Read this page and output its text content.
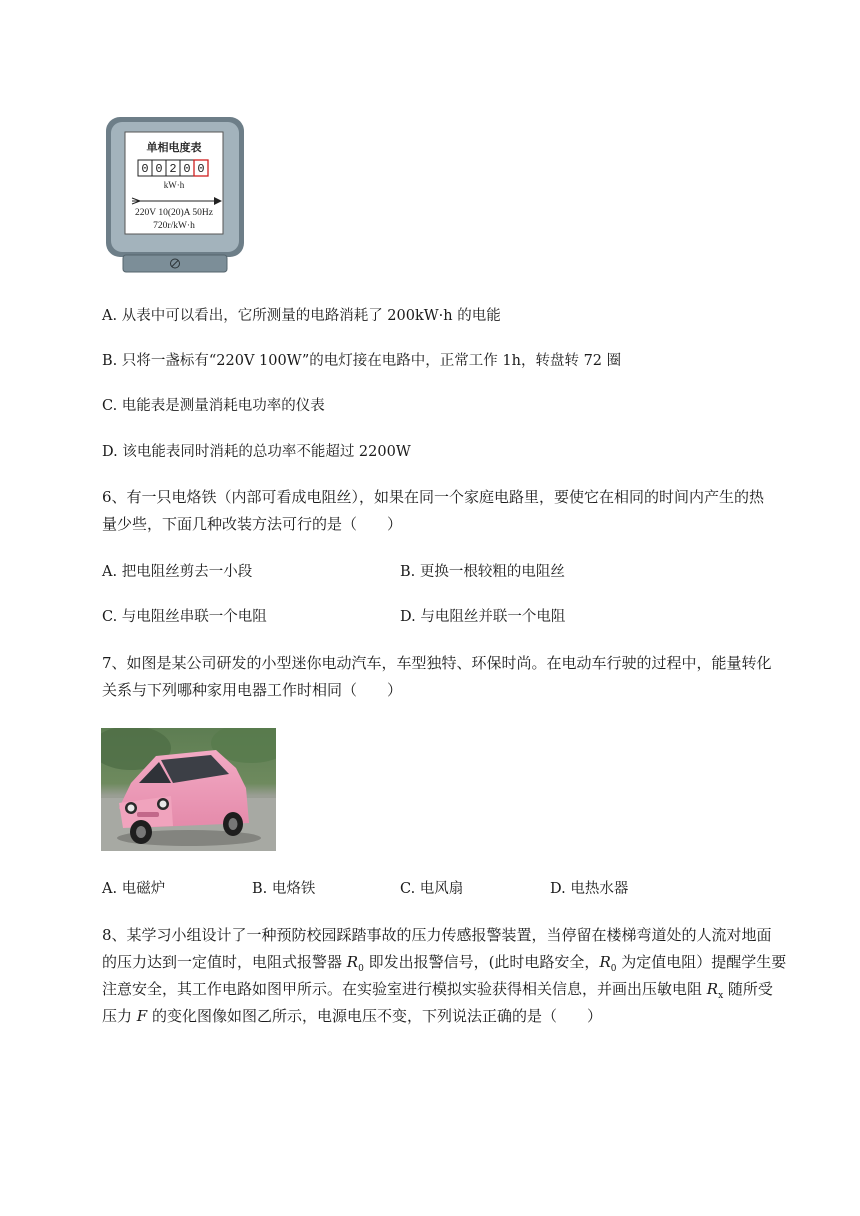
单相电度表
0 0 2 0 0
kW·h
220V 10(20)A 50Hz
720r/kW·h
A. 从表中可以看出，它所测量的电路消耗了 200kW·h 的电能
B. 只将一盏标有“220V 100W”的电灯接在电路中，正常工作 1h，转盘转 72 圈
C. 电能表是测量消耗电功率的仪表
D. 该电能表同时消耗的总功率不能超过 2200W
6、有一只电烙铁（内部可看成电阻丝），如果在同一个家庭电路里，要使它在相同的时间内产生的热
量少些，下面几种改装方法可行的是（　　）
A. 把电阻丝剪去一小段	B. 更换一根较粗的电阻丝
C. 与电阻丝串联一个电阻	D. 与电阻丝并联一个电阻
7、如图是某公司研发的小型迷你电动汽车，车型独特、环保时尚。在电动车行驶的过程中，能量转化
关系与下列哪种家用电器工作时相同（　　）
A. 电磁炉	B. 电烙铁	C. 电风扇	D. 电热水器
8、某学习小组设计了一种预防校园踩踏事故的压力传感报警装置，当停留在楼梯弯道处的人流对地面
的压力达到一定值时，电阻式报警器 $R_0$ 即发出报警信号，(此时电路安全，$R_0$ 为定值电阻）提醒学生要
注意安全，其工作电路如图甲所示。在实验室进行模拟实验获得相关信息，并画出压敏电阻 $R_x$ 随所受
压力 F 的变化图像如图乙所示，电源电压不变，下列说法正确的是（　　）
